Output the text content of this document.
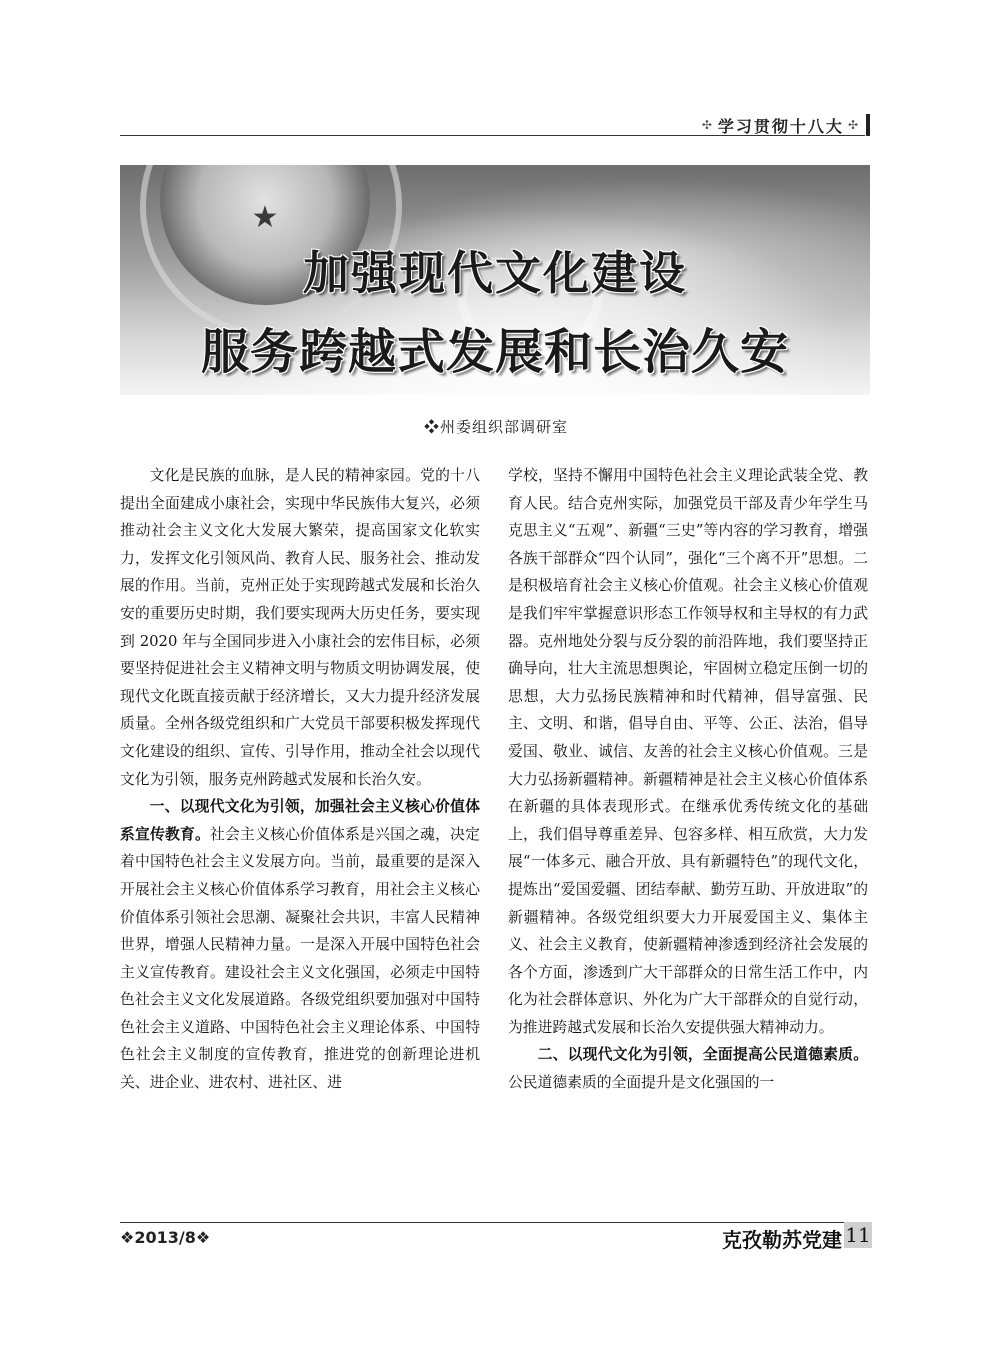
✣ 学习贯彻十八大 ✣
★
加强现代文化建设
服务跨越式发展和长治久安
❖州委组织部调研室

文化是民族的血脉，是人民的精神家园。党的十八提出全面建成小康社会，实现中华民族伟大复兴，必须推动社会主义文化大发展大繁荣，提高国家文化软实力，发挥文化引领风尚、教育人民、服务社会、推动发展的作用。当前，克州正处于实现跨越式发展和长治久安的重要历史时期，我们要实现两大历史任务，要实现到 2020 年与全国同步进入小康社会的宏伟目标，必须要坚持促进社会主义精神文明与物质文明协调发展，使现代文化既直接贡献于经济增长，又大力提升经济发展质量。全州各级党组织和广大党员干部要积极发挥现代文化建设的组织、宣传、引导作用，推动全社会以现代文化为引领，服务克州跨越式发展和长治久安。

一、以现代文化为引领，加强社会主义核心价值体系宣传教育。社会主义核心价值体系是兴国之魂，决定着中国特色社会主义发展方向。当前，最重要的是深入开展社会主义核心价值体系学习教育，用社会主义核心价值体系引领社会思潮、凝聚社会共识，丰富人民精神世界，增强人民精神力量。一是深入开展中国特色社会主义宣传教育。建设社会主义文化强国，必须走中国特色社会主义文化发展道路。各级党组织要加强对中国特色社会主义道路、中国特色社会主义理论体系、中国特色社会主义制度的宣传教育，推进党的创新理论进机关、进企业、进农村、进社区、进

学校，坚持不懈用中国特色社会主义理论武装全党、教育人民。结合克州实际，加强党员干部及青少年学生马克思主义“五观”、新疆“三史”等内容的学习教育，增强各族干部群众“四个认同”，强化“三个离不开”思想。二是积极培育社会主义核心价值观。社会主义核心价值观是我们牢牢掌握意识形态工作领导权和主导权的有力武器。克州地处分裂与反分裂的前沿阵地，我们要坚持正确导向，壮大主流思想舆论，牢固树立稳定压倒一切的思想，大力弘扬民族精神和时代精神，倡导富强、民主、文明、和谐，倡导自由、平等、公正、法治，倡导爱国、敬业、诚信、友善的社会主义核心价值观。三是大力弘扬新疆精神。新疆精神是社会主义核心价值体系在新疆的具体表现形式。在继承优秀传统文化的基础上，我们倡导尊重差异、包容多样、相互欣赏，大力发展“一体多元、融合开放、具有新疆特色”的现代文化，提炼出“爱国爱疆、团结奉献、勤劳互助、开放进取”的新疆精神。各级党组织要大力开展爱国主义、集体主义、社会主义教育，使新疆精神渗透到经济社会发展的各个方面，渗透到广大干部群众的日常生活工作中，内化为社会群体意识、外化为广大干部群众的自觉行动，为推进跨越式发展和长治久安提供强大精神动力。

二、以现代文化为引领，全面提高公民道德素质。公民道德素质的全面提升是文化强国的一

❖2013/8❖	克孜勒苏党建 11
